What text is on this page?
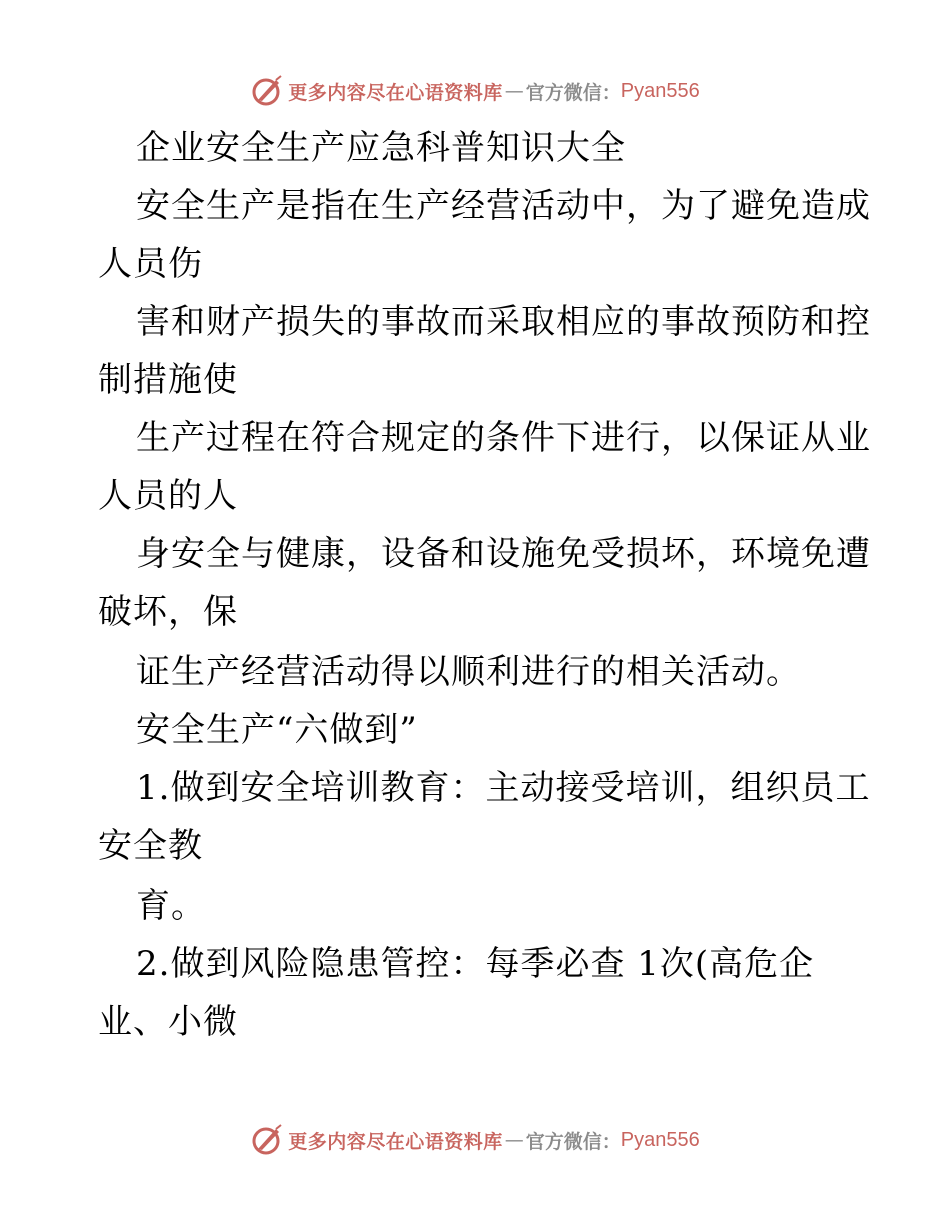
更多内容尽在心语资料库 — 官方微信： Pyan556
企业安全生产应急科普知识大全
安全生产是指在生产经营活动中，为了避免造成
人员伤
害和财产损失的事故而采取相应的事故预防和控
制措施使
生产过程在符合规定的条件下进行，以保证从业
人员的人
身安全与健康，设备和设施免受损坏，环境免遭
破坏，保
证生产经营活动得以顺利进行的相关活动。
安全生产“六做到”
1.做到安全培训教育：主动接受培训，组织员工
安全教
育。
2.做到风险隐患管控：每季必查 1次(高危企
业、小微
更多内容尽在心语资料库 — 官方微信： Pyan556
